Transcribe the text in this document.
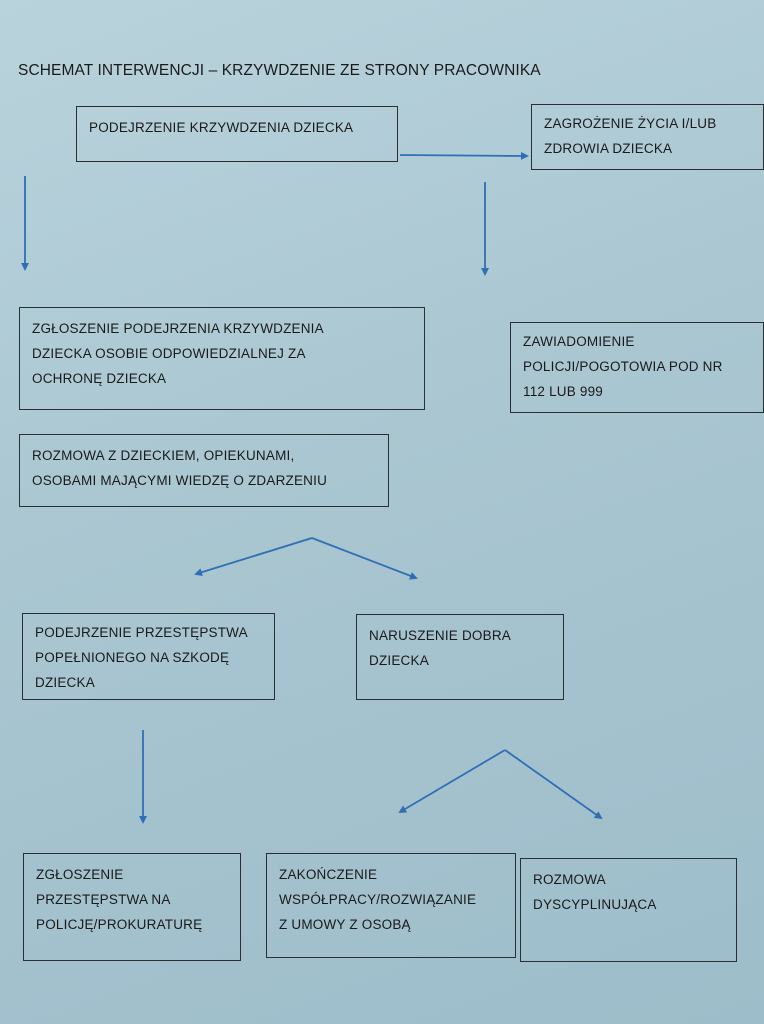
SCHEMAT INTERWENCJI – KRZYWDZENIE ZE STRONY PRACOWNIKA
PODEJRZENIE KRZYWDZENIA DZIECKA	ZAGROŻENIE ŻYCIA I/LUB
ZDROWIA DZIECKA
ZGŁOSZENIE PODEJRZENIA KRZYWDZENIA
DZIECKA OSOBIE ODPOWIEDZIALNEJ ZA
OCHRONĘ DZIECKA
ZAWIADOMIENIE
POLICJI/POGOTOWIA POD NR
112 LUB 999
ROZMOWA Z DZIECKIEM, OPIEKUNAMI,
OSOBAMI MAJĄCYMI WIEDZĘ O ZDARZENIU
PODEJRZENIE PRZESTĘPSTWA
POPEŁNIONEGO NA SZKODĘ
DZIECKA
NARUSZENIE DOBRA
DZIECKA
ZGŁOSZENIE
PRZESTĘPSTWA NA
POLICJĘ/PROKURATURĘ
ZAKOŃCZENIE
WSPÓŁPRACY/ROZWIĄZANIE
Z UMOWY Z OSOBĄ
ROZMOWA
DYSCYPLINUJĄCA
